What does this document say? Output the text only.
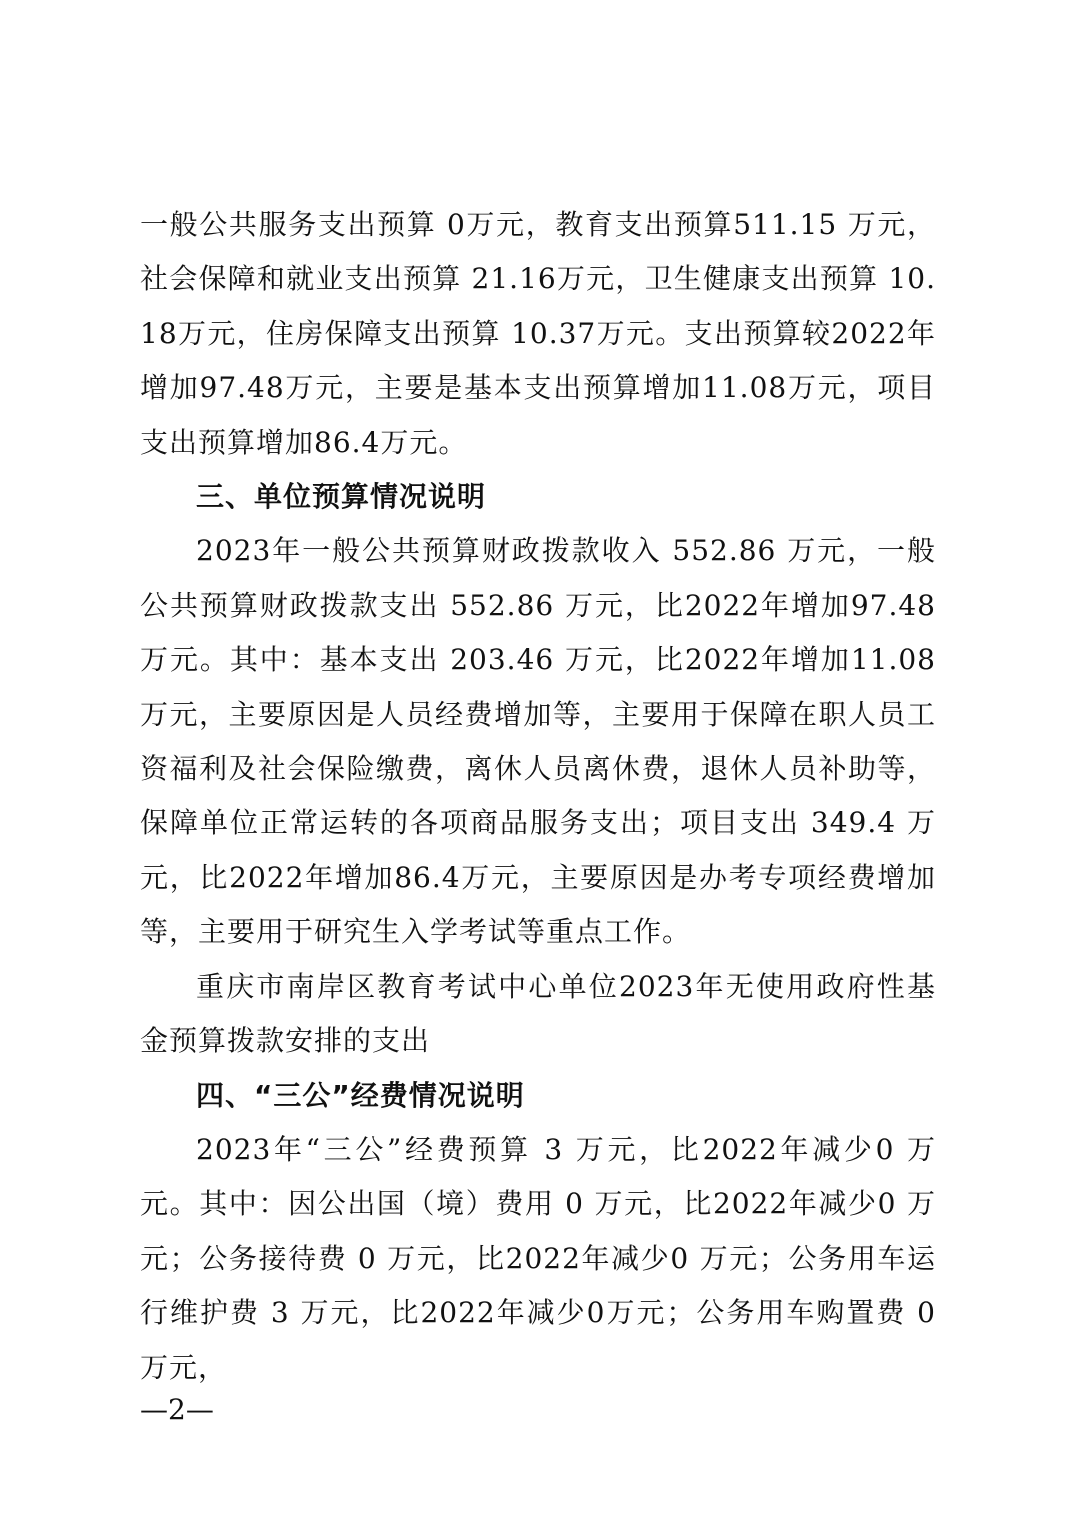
一般公共服务支出预算 0万元，教育支出预算511.15 万元，社会保障和就业支出预算 21.16万元，卫生健康支出预算 10.18万元，住房保障支出预算 10.37万元。支出预算较2022年增加97.48万元，主要是基本支出预算增加11.08万元，项目支出预算增加86.4万元。

三、单位预算情况说明

2023年一般公共预算财政拨款收入 552.86 万元，一般公共预算财政拨款支出 552.86 万元，比2022年增加97.48万元。其中：基本支出 203.46 万元，比2022年增加11.08万元，主要原因是人员经费增加等，主要用于保障在职人员工资福利及社会保险缴费，离休人员离休费，退休人员补助等，保障单位正常运转的各项商品服务支出；项目支出 349.4 万元，比2022年增加86.4万元，主要原因是办考专项经费增加等，主要用于研究生入学考试等重点工作。

重庆市南岸区教育考试中心单位2023年无使用政府性基金预算拨款安排的支出

四、“三公”经费情况说明

2023年“三公”经费预算 3 万元，比2022年减少0 万元。其中：因公出国（境）费用 0 万元，比2022年减少0 万元；公务接待费 0 万元，比2022年减少0 万元；公务用车运行维护费 3 万元，比2022年减少0万元；公务用车购置费 0 万元，

—2—
